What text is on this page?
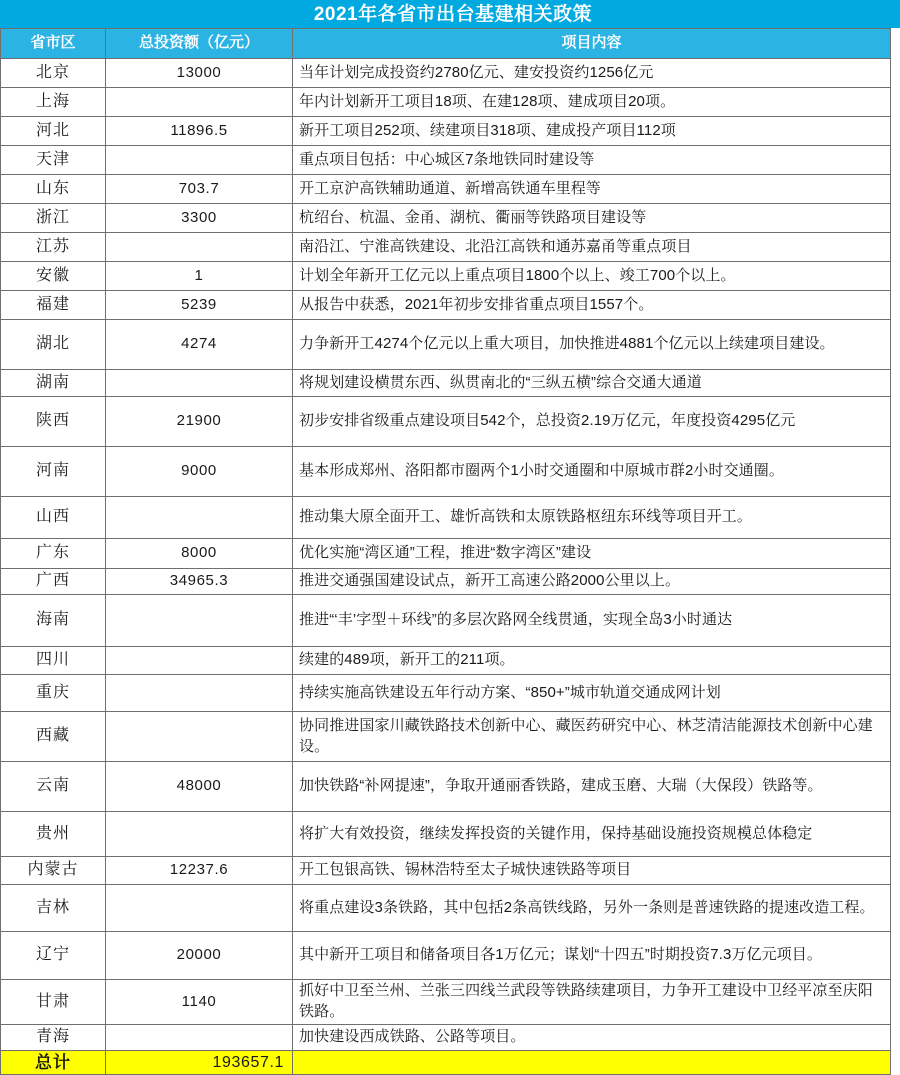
2021年各省市出台基建相关政策
省市区	总投资额（亿元）	项目内容
北京	13000	当年计划完成投资约2780亿元、建安投资约1256亿元
上海		年内计划新开工项目18项、在建128项、建成项目20项。
河北	11896.5	新开工项目252项、续建项目318项、建成投产项目112项
天津		重点项目包括：中心城区7条地铁同时建设等
山东	703.7	开工京沪高铁辅助通道、新增高铁通车里程等
浙江	3300	杭绍台、杭温、金甬、湖杭、衢丽等铁路项目建设等
江苏		南沿江、宁淮高铁建设、北沿江高铁和通苏嘉甬等重点项目
安徽	1	计划全年新开工亿元以上重点项目1800个以上、竣工700个以上。
福建	5239	从报告中获悉，2021年初步安排省重点项目1557个。
湖北	4274	力争新开工4274个亿元以上重大项目，加快推进4881个亿元以上续建项目建设。
湖南		将规划建设横贯东西、纵贯南北的“三纵五横”综合交通大通道
陕西	21900	初步安排省级重点建设项目542个，总投资2.19万亿元，年度投资4295亿元
河南	9000	基本形成郑州、洛阳都市圈两个1小时交通圈和中原城市群2小时交通圈。
山西		推动集大原全面开工、雄忻高铁和太原铁路枢纽东环线等项目开工。
广东	8000	优化实施“湾区通”工程，推进“数字湾区”建设
广西	34965.3	推进交通强国建设试点，新开工高速公路2000公里以上。
海南		推进“‘丰’字型＋环线”的多层次路网全线贯通，实现全岛3小时通达
四川		续建的489项，新开工的211项。
重庆		持续实施高铁建设五年行动方案、“850+”城市轨道交通成网计划
西藏		协同推进国家川藏铁路技术创新中心、藏医药研究中心、林芝清洁能源技术创新中心建设。
云南	48000	加快铁路“补网提速”，争取开通丽香铁路，建成玉磨、大瑞（大保段）铁路等。
贵州		将扩大有效投资，继续发挥投资的关键作用，保持基础设施投资规模总体稳定
内蒙古	12237.6	开工包银高铁、锡林浩特至太子城快速铁路等项目
吉林		将重点建设3条铁路，其中包括2条高铁线路，另外一条则是普速铁路的提速改造工程。
辽宁	20000	其中新开工项目和储备项目各1万亿元；谋划“十四五”时期投资7.3万亿元项目。
甘肃	1140	抓好中卫至兰州、兰张三四线兰武段等铁路续建项目，力争开工建设中卫经平凉至庆阳铁路。
青海		加快建设西成铁路、公路等项目。
总计	193657.1	
